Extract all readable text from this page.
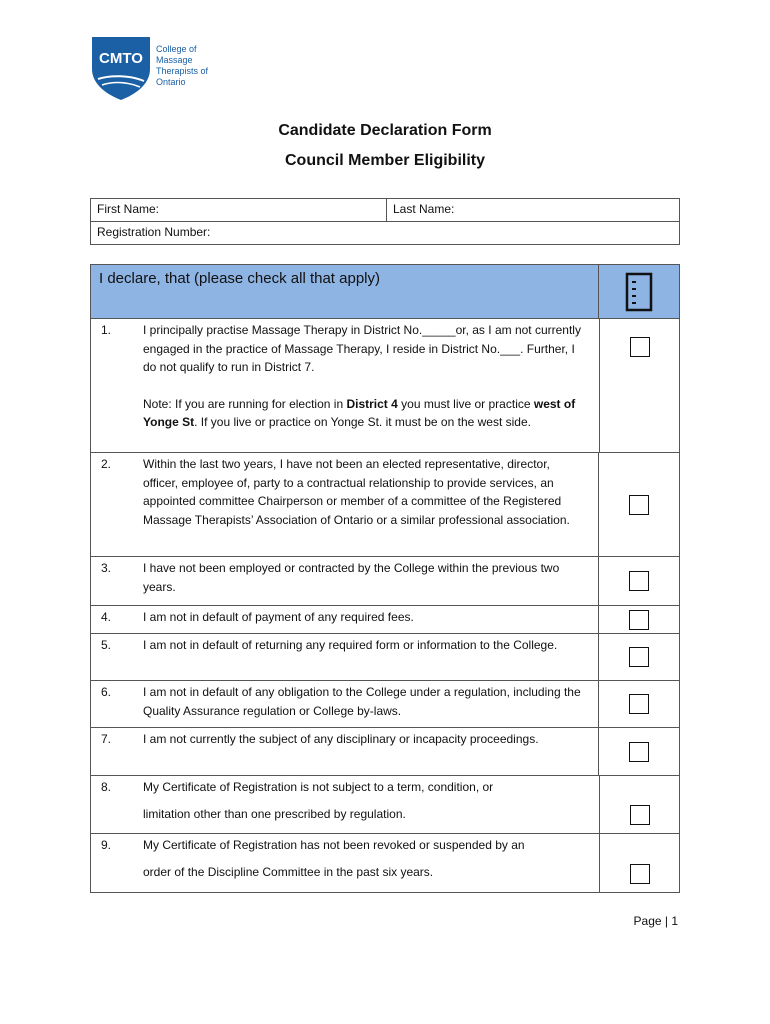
CMTO
College of
Massage
Therapists of
Ontario
Candidate Declaration Form
Council Member Eligibility
First Name:	Last Name:
Registration Number:
I declare, that (please check all that apply)
1.	I principally practise Massage Therapy in District No._____or, as I am not currently engaged in the practice of Massage Therapy, I reside in District No.___. Further, I do not qualify to run in District 7.
Note: If you are running for election in District 4 you must live or practice west of Yonge St. If you live or practice on Yonge St. it must be on the west side.
2.	Within the last two years, I have not been an elected representative, director, officer, employee of, party to a contractual relationship to provide services, an appointed committee Chairperson or member of a committee of the Registered Massage Therapists’ Association of Ontario or a similar professional association.
3.	I have not been employed or contracted by the College within the previous two years.
4.	I am not in default of payment of any required fees.
5.	I am not in default of returning any required form or information to the College.
6.	I am not in default of any obligation to the College under a regulation, including the Quality Assurance regulation or College by-laws.
7.	I am not currently the subject of any disciplinary or incapacity proceedings.
8.	My Certificate of Registration is not subject to a term, condition, or
limitation other than one prescribed by regulation.
9.	My Certificate of Registration has not been revoked or suspended by an
order of the Discipline Committee in the past six years.
Page | 1
